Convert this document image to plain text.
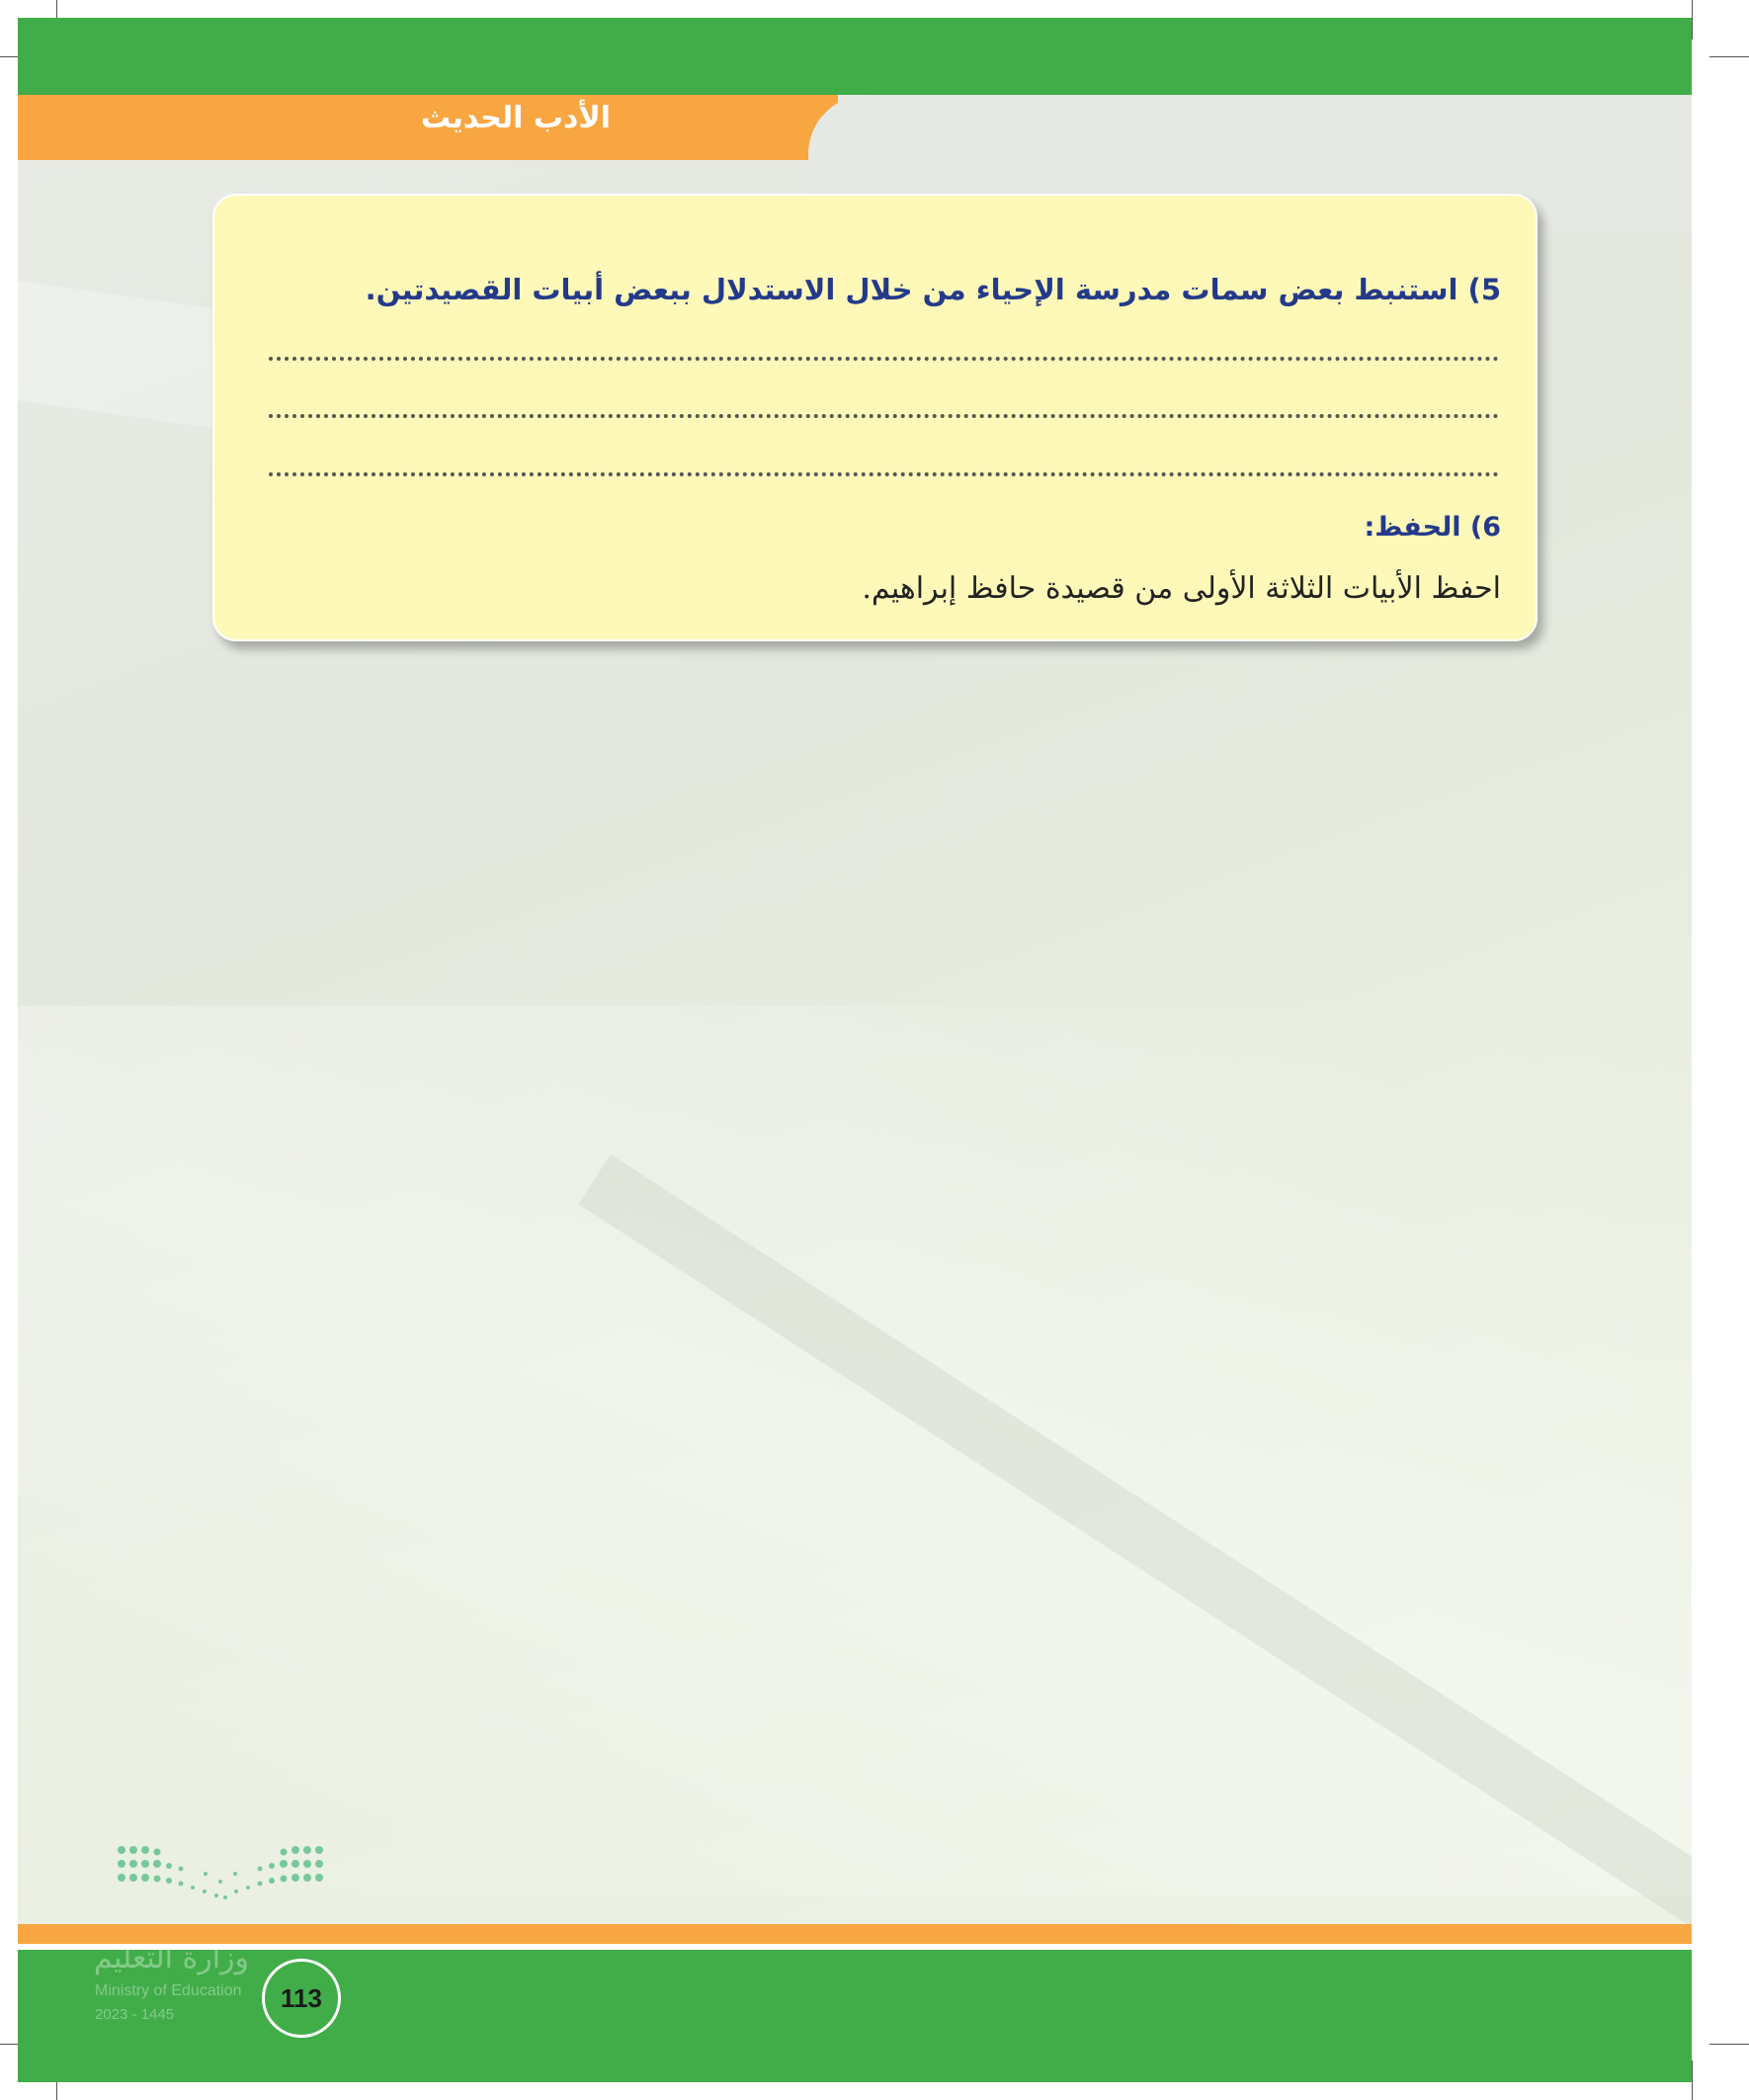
الأدب الحديث
5) استنبط بعض سمات مدرسة الإحياء من خلال الاستدلال ببعض أبيات القصيدتين.
6) الحفظ:
احفظ الأبيات الثلاثة الأولى من قصيدة حافظ إبراهيم.
وزارة التعليم
Ministry of Education
2023 - 1445
113
